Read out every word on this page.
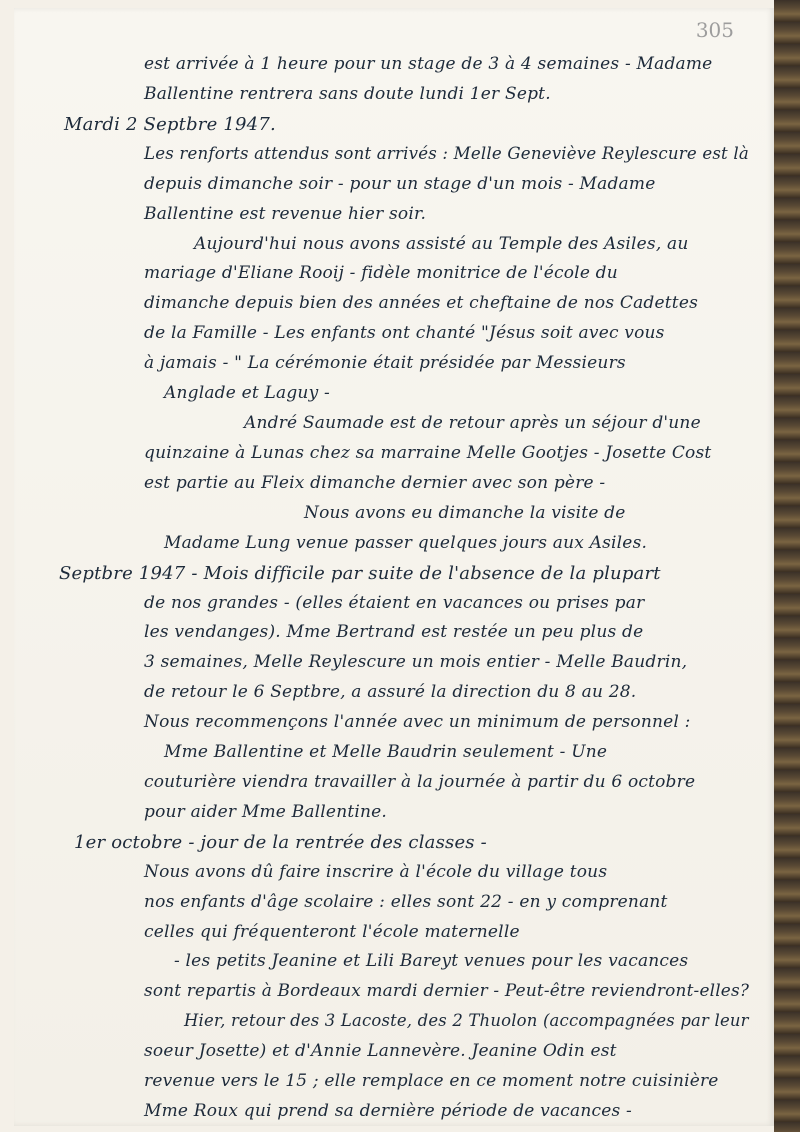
305
est arrivée à 1 heure pour un stage de 3 à 4 semaines - Madame
Ballentine rentrera sans doute lundi 1er Sept.
Mardi 2 Septbre 1947.
Les renforts attendus sont arrivés : Melle Geneviève Reylescure est là
depuis dimanche soir - pour un stage d'un mois - Madame
Ballentine est revenue hier soir.
Aujourd'hui nous avons assisté au Temple des Asiles, au
mariage d'Eliane Rooij - fidèle monitrice de l'école du
dimanche depuis bien des années et cheftaine de nos Cadettes
de la Famille - Les enfants ont chanté "Jésus soit avec vous
à jamais - " La cérémonie était présidée par Messieurs
Anglade et Laguy -
André Saumade est de retour après un séjour d'une
quinzaine à Lunas chez sa marraine Melle Gootjes - Josette Cost
est partie au Fleix dimanche dernier avec son père -
Nous avons eu dimanche la visite de
Madame Lung venue passer quelques jours aux Asiles.
Septbre 1947 - Mois difficile par suite de l'absence de la plupart
de nos grandes - (elles étaient en vacances ou prises par
les vendanges). Mme Bertrand est restée un peu plus de
3 semaines, Melle Reylescure un mois entier - Melle Baudrin,
de retour le 6 Septbre, a assuré la direction du 8 au 28.
Nous recommençons l'année avec un minimum de personnel :
Mme Ballentine et Melle Baudrin seulement - Une
couturière viendra travailler à la journée à partir du 6 octobre
pour aider Mme Ballentine.
1er octobre - jour de la rentrée des classes -
Nous avons dû faire inscrire à l'école du village tous
nos enfants d'âge scolaire : elles sont 22 - en y comprenant
celles qui fréquenteront l'école maternelle
- les petits Jeanine et Lili Bareyt venues pour les vacances
sont repartis à Bordeaux mardi dernier - Peut-être reviendront-elles?
Hier, retour des 3 Lacoste, des 2 Thuolon (accompagnées par leur
soeur Josette) et d'Annie Lannevère. Jeanine Odin est
revenue vers le 15 ; elle remplace en ce moment notre cuisinière
Mme Roux qui prend sa dernière période de vacances -
